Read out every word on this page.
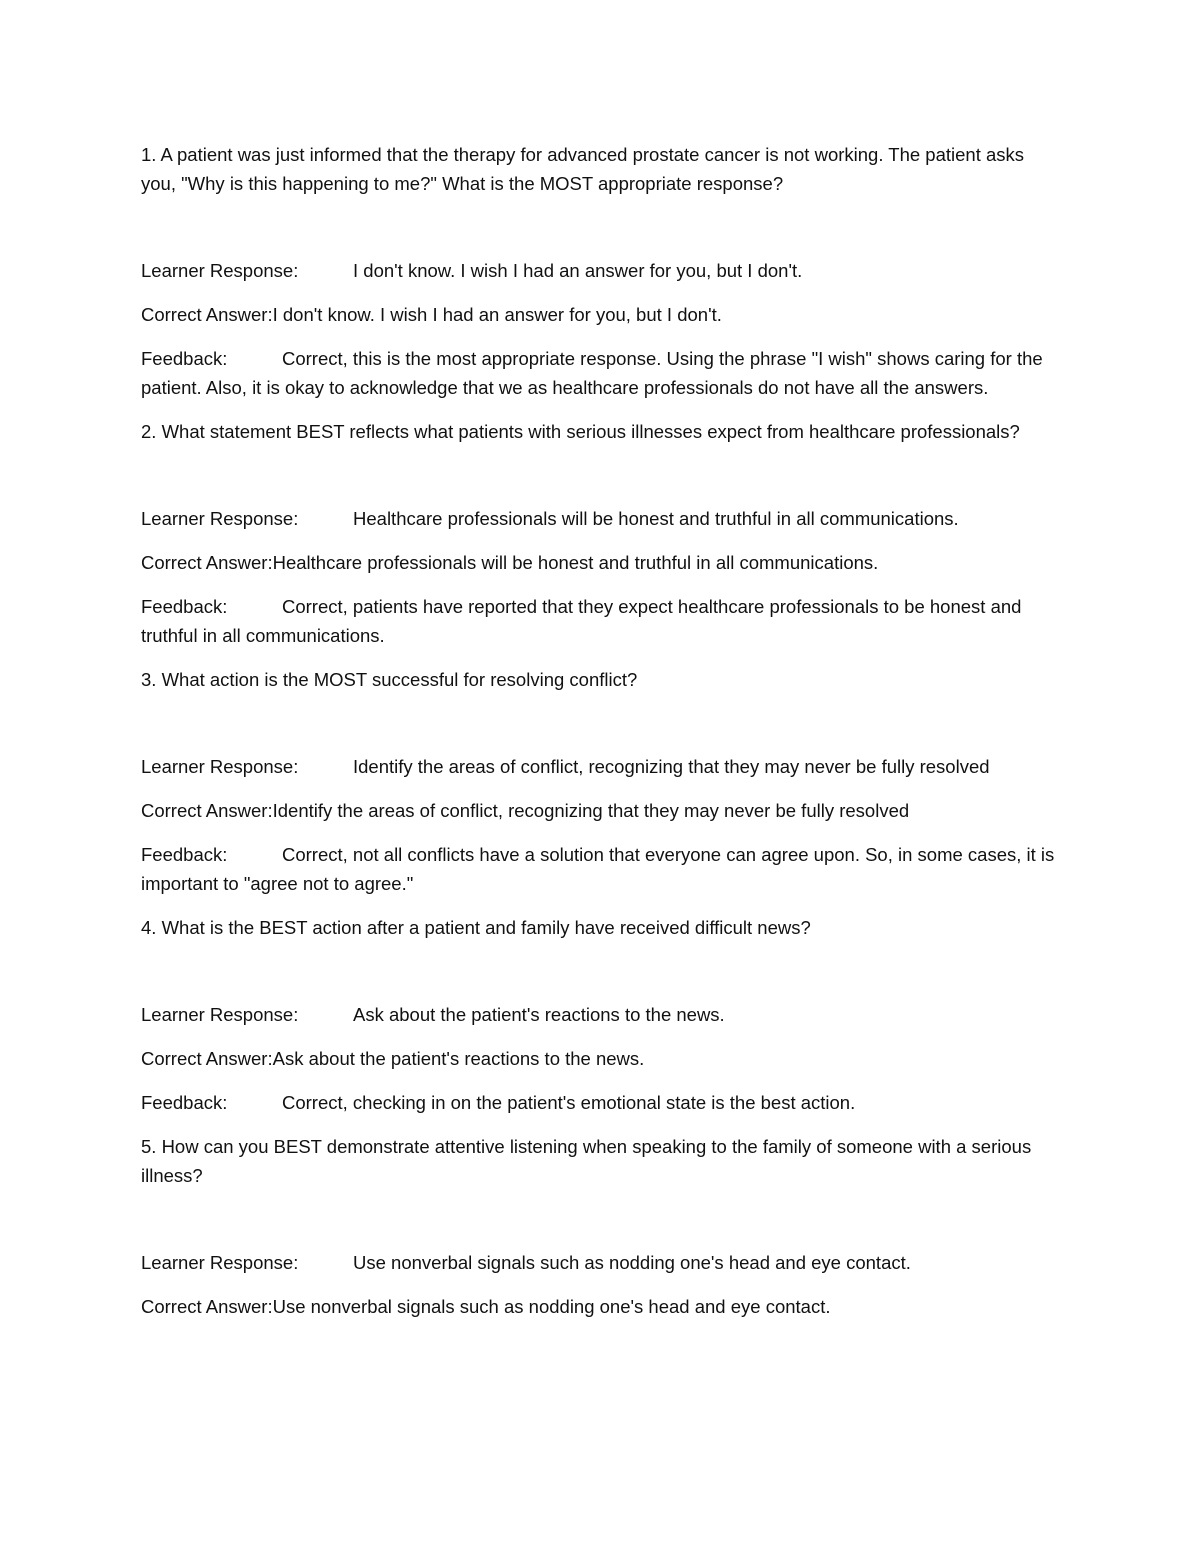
1. A patient was just informed that the therapy for advanced prostate cancer is not working. The patient asks you, "Why is this happening to me?" What is the MOST appropriate response?

Learner Response:	I don't know. I wish I had an answer for you, but I don't.

Correct Answer:I don't know. I wish I had an answer for you, but I don't.

Feedback:	Correct, this is the most appropriate response. Using the phrase "I wish" shows caring for the patient. Also, it is okay to acknowledge that we as healthcare professionals do not have all the answers.

2. What statement BEST reflects what patients with serious illnesses expect from healthcare professionals?

Learner Response:	Healthcare professionals will be honest and truthful in all communications.

Correct Answer:Healthcare professionals will be honest and truthful in all communications.

Feedback:	Correct, patients have reported that they expect healthcare professionals to be honest and truthful in all communications.

3. What action is the MOST successful for resolving conflict?

Learner Response:	Identify the areas of conflict, recognizing that they may never be fully resolved

Correct Answer:Identify the areas of conflict, recognizing that they may never be fully resolved

Feedback:	Correct, not all conflicts have a solution that everyone can agree upon. So, in some cases, it is important to "agree not to agree."

4. What is the BEST action after a patient and family have received difficult news?

Learner Response:	Ask about the patient's reactions to the news.

Correct Answer:Ask about the patient's reactions to the news.

Feedback:	Correct, checking in on the patient's emotional state is the best action.

5. How can you BEST demonstrate attentive listening when speaking to the family of someone with a serious illness?

Learner Response:	Use nonverbal signals such as nodding one's head and eye contact.

Correct Answer:Use nonverbal signals such as nodding one's head and eye contact.
